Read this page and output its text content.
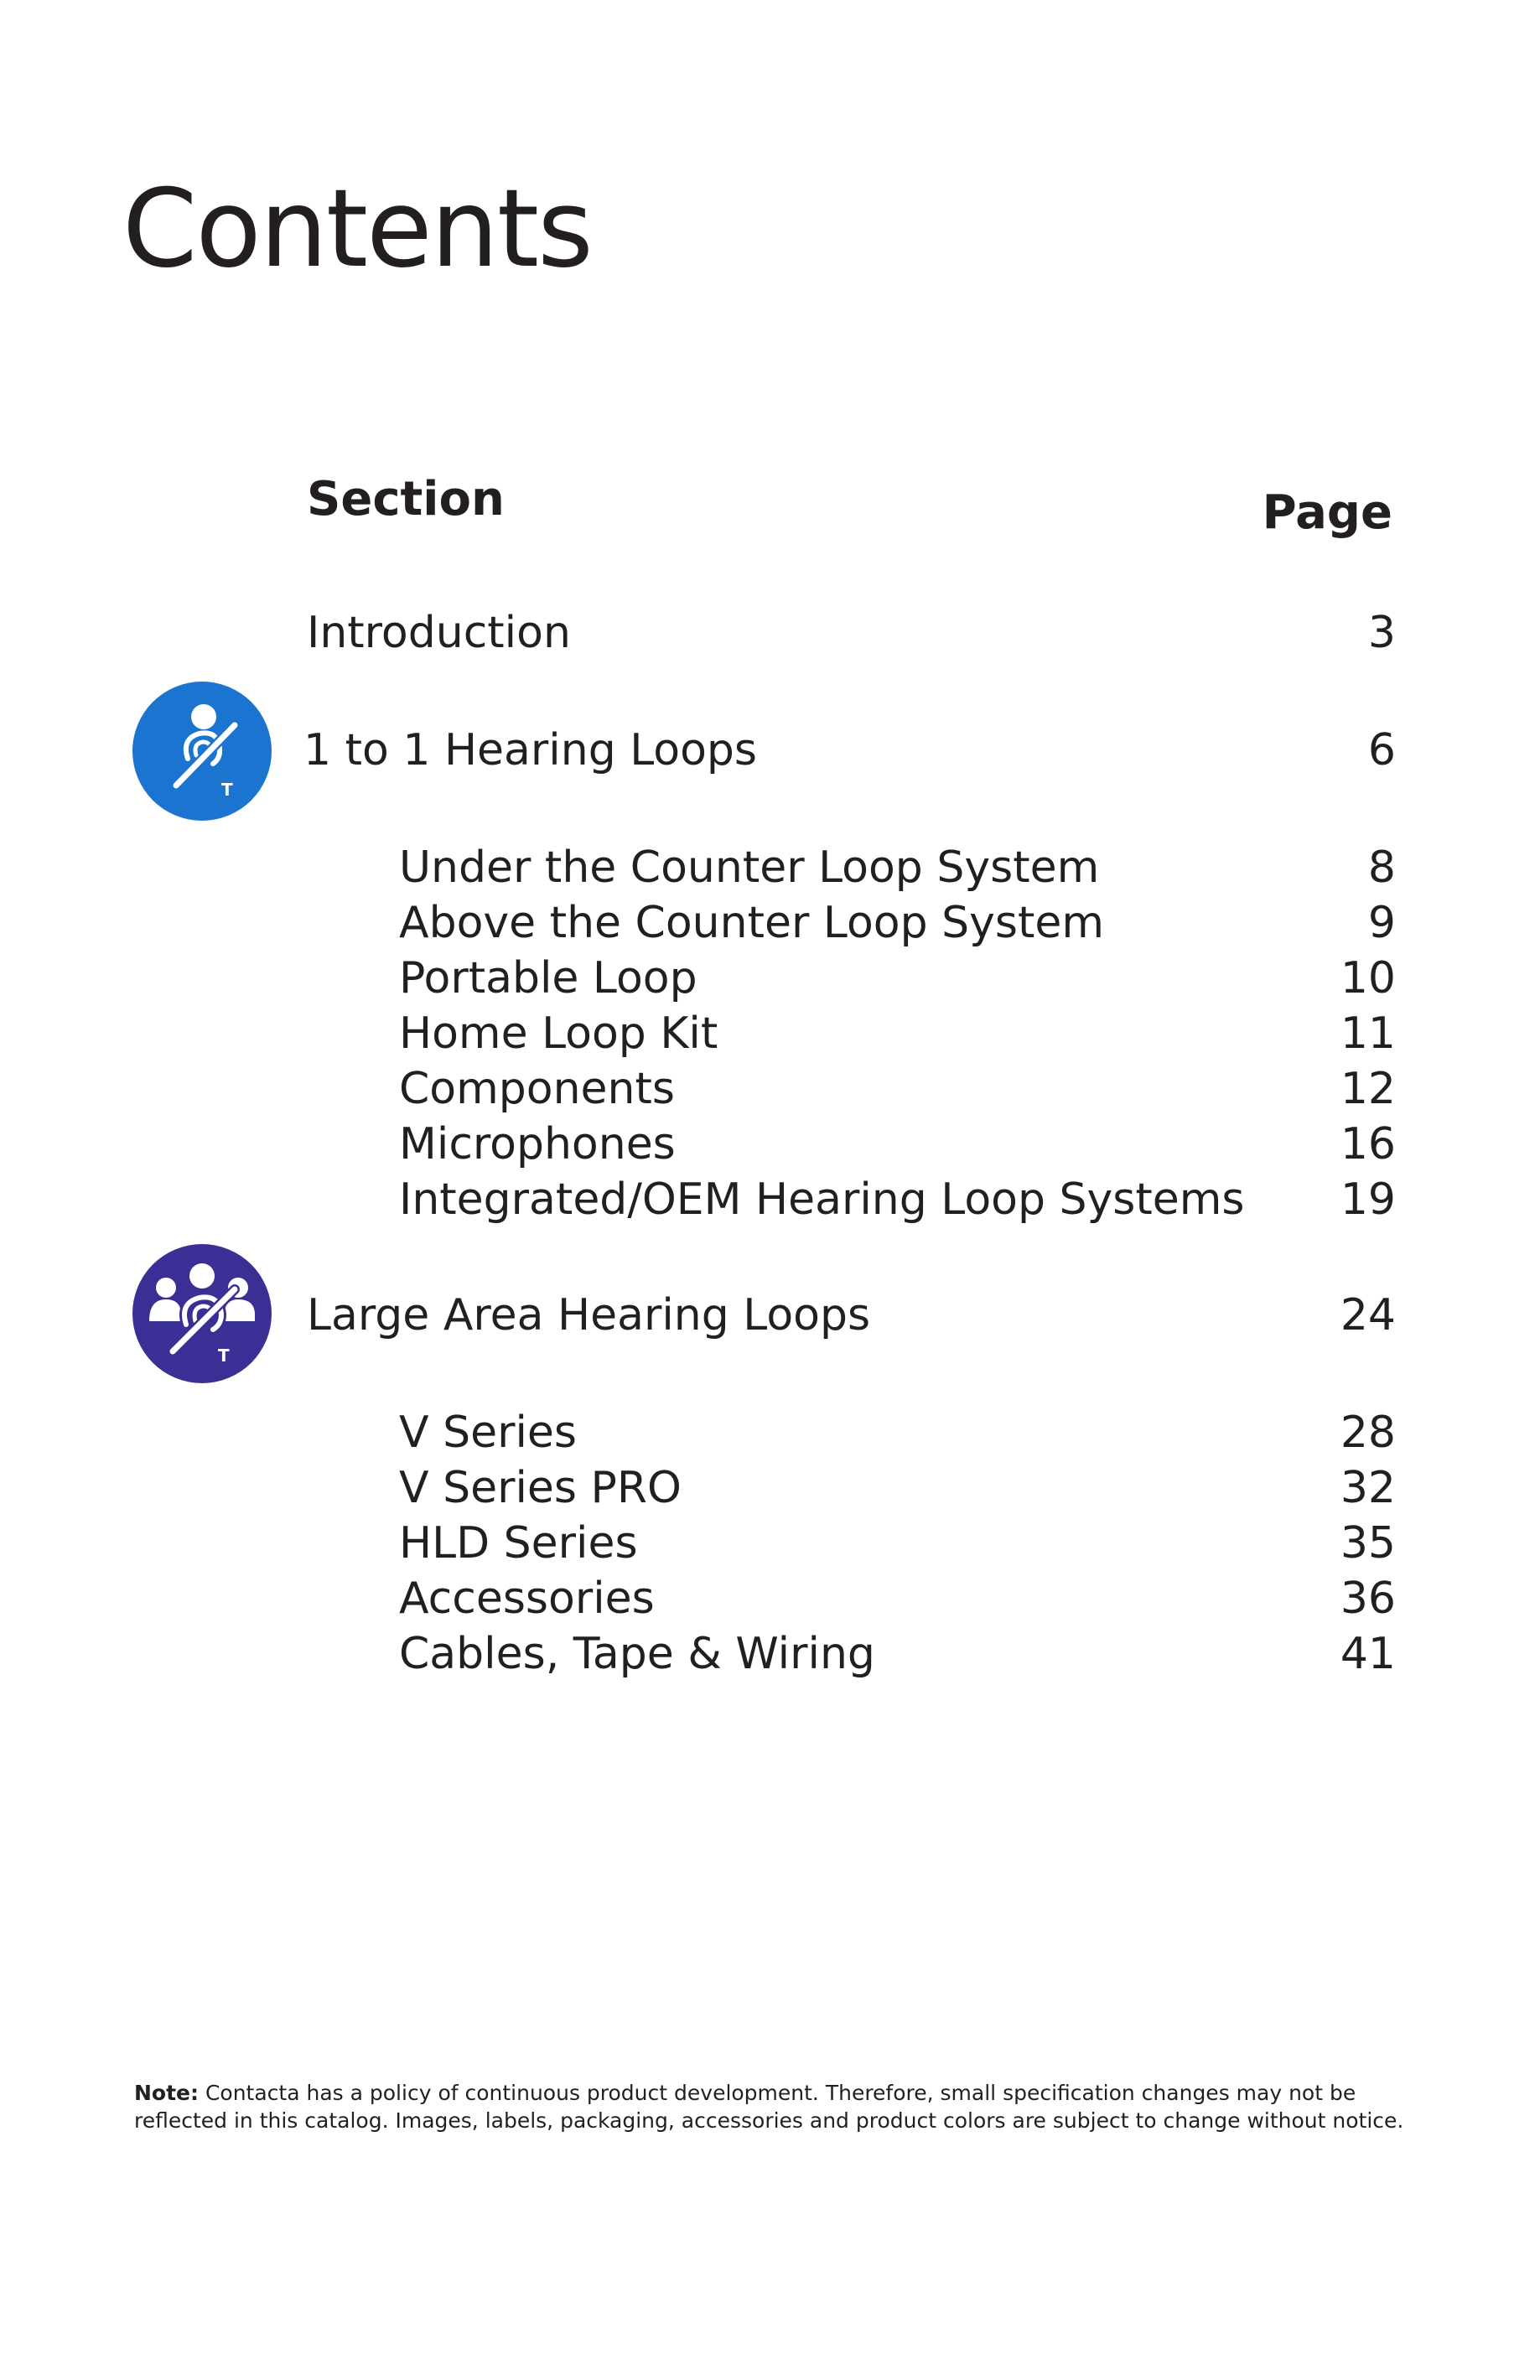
Contents
Section	Page
Introduction	3
T
1 to 1 Hearing Loops	6
Under the Counter Loop System	8
Above the Counter Loop System	9
Portable Loop	10
Home Loop Kit	11
Components	12
Microphones	16
Integrated/OEM Hearing Loop Systems 19
T
Large Area Hearing Loops	24
V Series	28
V Series PRO	32
HLD Series	35
Accessories	36
Cables, Tape & Wiring	41

Note: Contacta has a policy of continuous product development. Therefore, small specification changes may not be reflected in this catalog. Images, labels, packaging, accessories and product colors are subject to change without notice.
